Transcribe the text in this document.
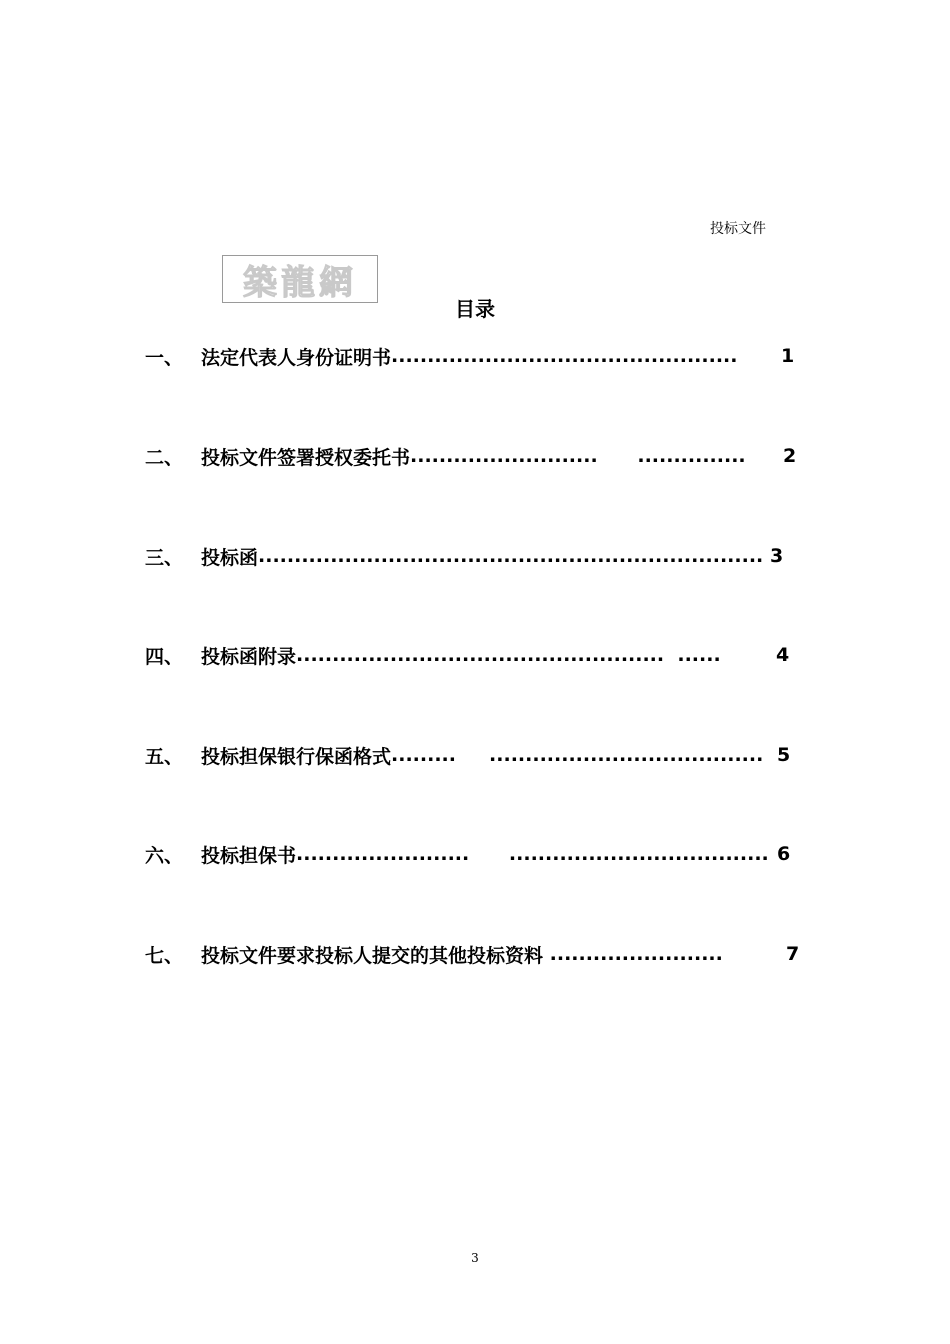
投标文件
築龍網
目录
一、 法定代表人身份证明书 ................................................ 1
二、 投标文件签署授权委托书 ..........................      ............... 2
三、 投标函 ...................................................................... 3
四、 投标函附录 ...................................................  ......	4
五、 投标担保银行保函格式 .........     ...................................... 5
六、 投标担保书 ........................      .................................... 6
七、 投标文件要求投标人提交的其他投标资料 ........................	7
3
